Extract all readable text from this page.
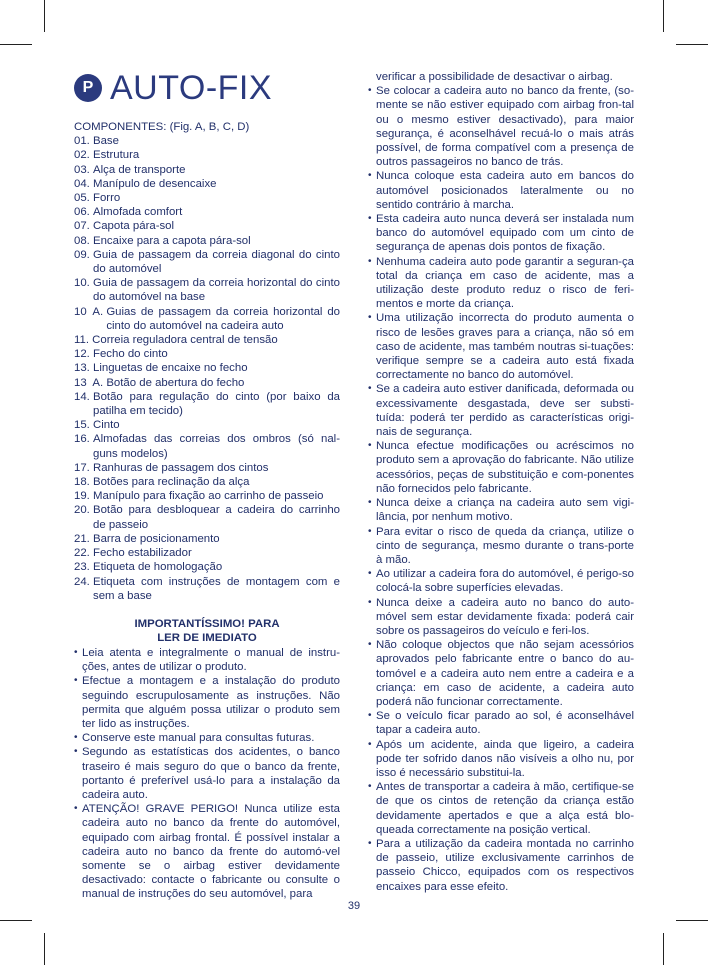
P AUTO-FIX
COMPONENTES: (Fig. A, B, C, D)
01. Base
02. Estrutura
03. Alça de transporte
04. Manípulo de desencaixe
05. Forro
06. Almofada comfort
07. Capota pára-sol
08. Encaixe para a capota pára-sol
09. Guia de passagem da correia diagonal do cinto do automóvel
10. Guia de passagem da correia horizontal do cinto do automóvel na base
10  A. Guias de passagem da correia horizontal do cinto do automóvel na cadeira auto
11. Correia reguladora central de tensão
12. Fecho do cinto
13. Linguetas de encaixe no fecho
13  A. Botão de abertura do fecho
14. Botão para regulação do cinto (por baixo da patilha em tecido)
15. Cinto
16. Almofadas das correias dos ombros (só nal-guns modelos)
17. Ranhuras de passagem dos cintos
18. Botões para reclinação da alça
19. Manípulo para fixação ao carrinho de passeio
20. Botão para desbloquear a cadeira do carrinho de passeio
21. Barra de posicionamento
22. Fecho estabilizador
23. Etiqueta de homologação
24. Etiqueta com instruções de montagem com e sem a base
IMPORTANTÍSSIMO! PARA
LER DE IMEDIATO
• Leia atenta e integralmente o manual de instru-ções, antes de utilizar o produto.
• Efectue a montagem e a instalação do produto seguindo escrupulosamente as instruções. Não permita que alguém possa utilizar o produto sem ter lido as instruções.
• Conserve este manual para consultas futuras.
• Segundo as estatísticas dos acidentes, o banco traseiro é mais seguro do que o banco da frente, portanto é preferível usá-lo para a instalação da cadeira auto.
• ATENÇÃO! GRAVE PERIGO! Nunca utilize esta cadeira auto no banco da frente do automóvel, equipado com airbag frontal. É possível instalar a cadeira auto no banco da frente do automó-vel somente se o airbag estiver devidamente desactivado: contacte o fabricante ou consulte o manual de instruções do seu automóvel, para
verificar a possibilidade de desactivar o airbag.
• Se colocar a cadeira auto no banco da frente, (so-mente se não estiver equipado com airbag fron-tal ou o mesmo estiver desactivado), para maior segurança, é aconselhável recuá-lo o mais atrás possível, de forma compatível com a presença de outros passageiros no banco de trás.
• Nunca coloque esta cadeira auto em bancos do automóvel posicionados lateralmente ou no sentido contrário à marcha.
• Esta cadeira auto nunca deverá ser instalada num banco do automóvel equipado com um cinto de segurança de apenas dois pontos de fixação.
• Nenhuma cadeira auto pode garantir a seguran-ça total da criança em caso de acidente, mas a utilização deste produto reduz o risco de feri-mentos e morte da criança.
• Uma utilização incorrecta do produto aumenta o risco de lesões graves para a criança, não só em caso de acidente, mas também noutras si-tuações: verifique sempre se a cadeira auto está fixada correctamente no banco do automóvel.
• Se a cadeira auto estiver danificada, deformada ou excessivamente desgastada, deve ser substi-tuída: poderá ter perdido as características origi-nais de segurança.
• Nunca efectue modificações ou acréscimos no produto sem a aprovação do fabricante. Não utilize acessórios, peças de substituição e com-ponentes não fornecidos pelo fabricante.
• Nunca deixe a criança na cadeira auto sem vigi-lância, por nenhum motivo.
• Para evitar o risco de queda da criança, utilize o cinto de segurança, mesmo durante o trans-porte à mão.
• Ao utilizar a cadeira fora do automóvel, é perigo-so colocá-la sobre superfícies elevadas.
• Nunca deixe a cadeira auto no banco do auto-móvel sem estar devidamente fixada: poderá cair sobre os passageiros do veículo e feri-los.
• Não coloque objectos que não sejam acessórios aprovados pelo fabricante entre o banco do au-tomóvel e a cadeira auto nem entre a cadeira e a criança: em caso de acidente, a cadeira auto poderá não funcionar correctamente.
• Se o veículo ficar parado ao sol, é aconselhável tapar a cadeira auto.
• Após um acidente, ainda que ligeiro, a cadeira pode ter sofrido danos não visíveis a olho nu, por isso é necessário substitui-la.
• Antes de transportar a cadeira à mão, certifique-se de que os cintos de retenção da criança estão devidamente apertados e que a alça está blo-queada correctamente na posição vertical.
• Para a utilização da cadeira montada no carrinho de passeio, utilize exclusivamente carrinhos de passeio Chicco, equipados com os respectivos encaixes para esse efeito.
39
